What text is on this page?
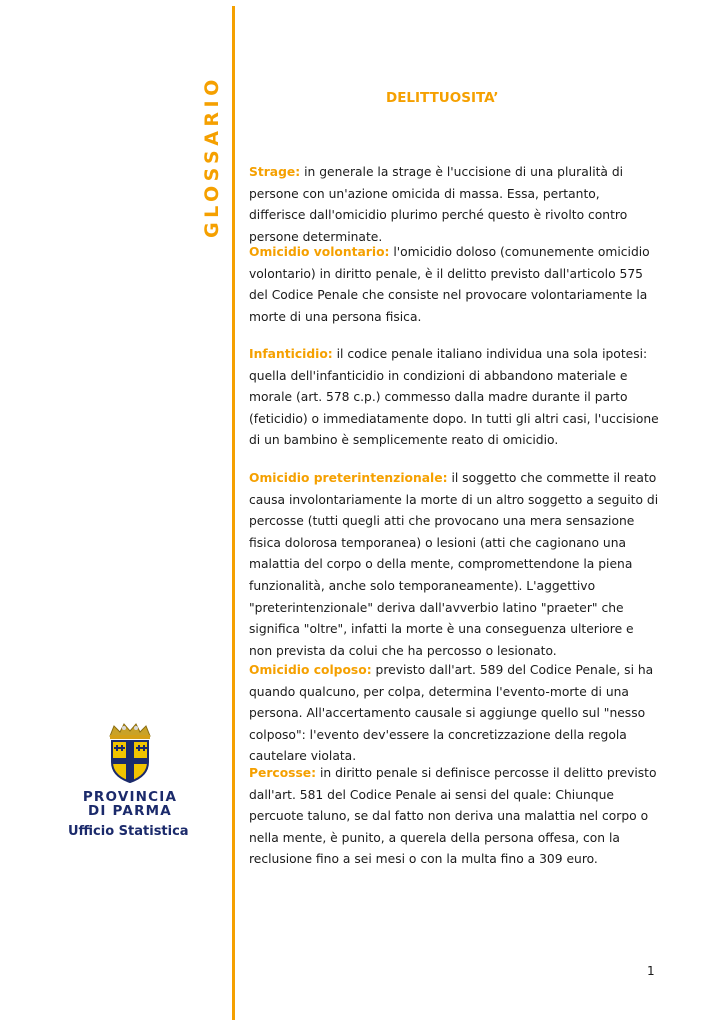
GLOSSARIO
PROVINCIA
DI PARMA
Ufficio Statistica
DELITTUOSITA’
Strage: in generale la strage è l'uccisione di una pluralità di persone con un'azione omicida di massa. Essa, pertanto, differisce dall'omicidio plurimo perché questo è rivolto contro persone determinate.
Omicidio volontario: l'omicidio doloso (comunemente omicidio volontario) in diritto penale, è il delitto previsto dall'articolo 575 del Codice Penale che consiste nel provocare volontariamente la morte di una persona fisica.
Infanticidio: il codice penale italiano individua una sola ipotesi: quella dell'infanticidio in condizioni di abbandono materiale e morale (art. 578 c.p.) commesso dalla madre durante il parto (feticidio) o immediatamente dopo. In tutti gli altri casi, l'uccisione di un bambino è semplicemente reato di omicidio.
Omicidio preterintenzionale: il soggetto che commette il reato causa involontariamente la morte di un altro soggetto a seguito di percosse (tutti quegli atti che provocano una mera sensazione fisica dolorosa temporanea) o lesioni (atti che cagionano una malattia del corpo o della mente, compromettendone la piena funzionalità, anche solo temporaneamente). L'aggettivo "preterintenzionale" deriva dall'avverbio latino "praeter" che significa "oltre", infatti la morte è una conseguenza ulteriore e non prevista da colui che ha percosso o lesionato.
Omicidio colposo: previsto dall'art. 589 del Codice Penale, si ha quando qualcuno, per colpa, determina l'evento-morte di una persona. All'accertamento causale si aggiunge quello sul "nesso colposo": l'evento dev'essere la concretizzazione della regola cautelare violata.
Percosse: in diritto penale si definisce percosse il delitto previsto dall'art. 581 del Codice Penale ai sensi del quale: Chiunque percuote taluno, se dal fatto non deriva una malattia nel corpo o nella mente, è punito, a querela della persona offesa, con la reclusione fino a sei mesi o con la multa fino a 309 euro.
1
